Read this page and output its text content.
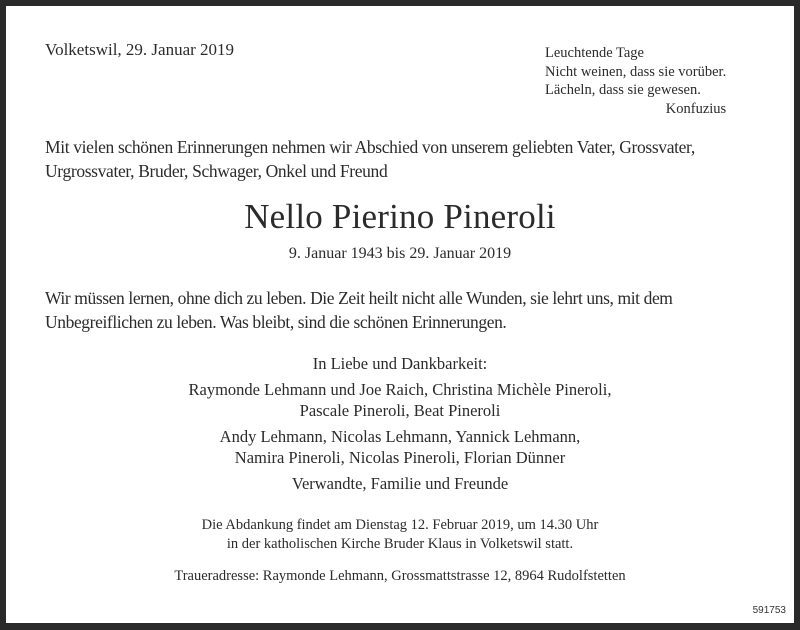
Volketswil, 29. Januar 2019	Leuchtende Tage
Nicht weinen, dass sie vorüber.
Lächeln, dass sie gewesen.
Konfuzius
Mit vielen schönen Erinnerungen nehmen wir Abschied von unserem geliebten Vater, Grossvater, Urgrossvater, Bruder, Schwager, Onkel und Freund
Nello Pierino Pineroli
9. Januar 1943 bis 29. Januar 2019
Wir müssen lernen, ohne dich zu leben. Die Zeit heilt nicht alle Wunden, sie lehrt uns, mit dem Unbegreiflichen zu leben. Was bleibt, sind die schönen Erinnerungen.
In Liebe und Dankbarkeit:
Raymonde Lehmann und Joe Raich, Christina Michèle Pineroli,
Pascale Pineroli, Beat Pineroli
Andy Lehmann, Nicolas Lehmann, Yannick Lehmann,
Namira Pineroli, Nicolas Pineroli, Florian Dünner
Verwandte, Familie und Freunde
Die Abdankung findet am Dienstag 12. Februar 2019, um 14.30 Uhr
in der katholischen Kirche Bruder Klaus in Volketswil statt.
Traueradresse: Raymonde Lehmann, Grossmattstrasse 12, 8964 Rudolfstetten
591753
